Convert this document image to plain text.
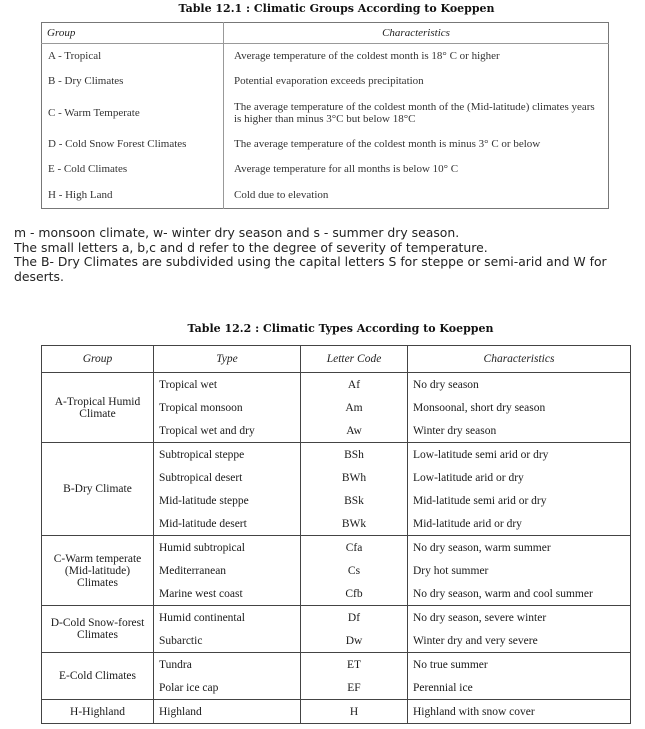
Table 12.1 : Climatic Groups According to Koeppen
Group	Characteristics
A - Tropical	Average temperature of the coldest month is 18° C or higher
B - Dry Climates	Potential evaporation exceeds precipitation
C - Warm Temperate	The average temperature of the coldest month of the (Mid-latitude) climates years is higher than minus 3°C but below 18°C
D - Cold Snow Forest Climates	The average temperature of the coldest month is minus 3° C or below
E - Cold Climates	Average temperature for all months is below 10° C
H - High Land	Cold due to elevation
m - monsoon climate, w- winter dry season and s - summer dry season.
The small letters a, b,c and d refer to the degree of severity of temperature.
The B- Dry Climates are subdivided using the capital letters S for steppe or semi-arid and W for deserts.
Table 12.2 : Climatic Types According to Koeppen
Group	Type	Letter Code	Characteristics
A-Tropical Humid Climate	Tropical wet	Af	No dry season
	Tropical monsoon	Am	Monsoonal, short dry season
	Tropical wet and dry	Aw	Winter dry season
B-Dry Climate	Subtropical steppe	BSh	Low-latitude semi arid or dry
	Subtropical desert	BWh	Low-latitude arid or dry
	Mid-latitude steppe	BSk	Mid-latitude semi arid or dry
	Mid-latitude desert	BWk	Mid-latitude arid or dry
C-Warm temperate (Mid-latitude) Climates	Humid subtropical	Cfa	No dry season, warm summer
	Mediterranean	Cs	Dry hot summer
	Marine west coast	Cfb	No dry season, warm and cool summer
D-Cold Snow-forest Climates	Humid continental	Df	No dry season, severe winter
	Subarctic	Dw	Winter dry and very severe
E-Cold Climates	Tundra	ET	No true summer
	Polar ice cap	EF	Perennial ice
H-Highland	Highland	H	Highland with snow cover
